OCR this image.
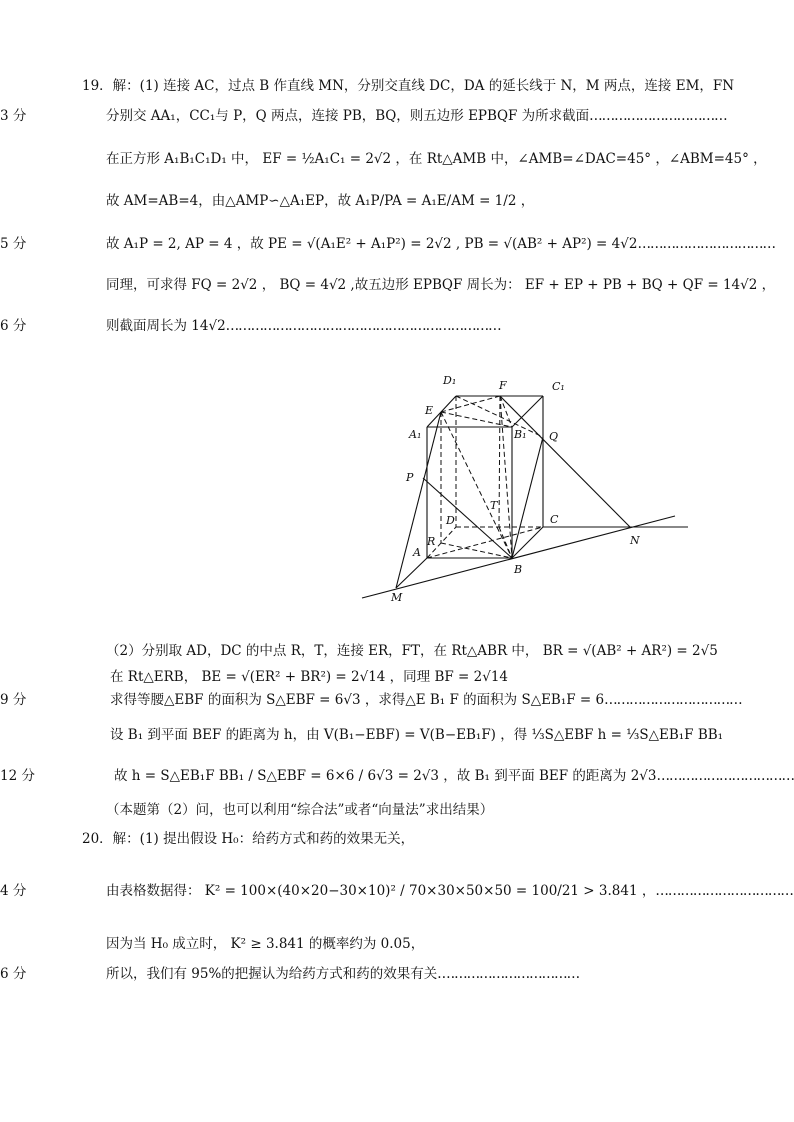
19．解：(1) 连接 AC，过点 B 作直线 MN，分别交直线 DC，DA 的延长线于 N，M 两点，连接 EM，FN
分别交 AA₁，CC₁与 P，Q 两点，连接 PB，BQ，则五边形 EPBQF 为所求截面……………………………
3 分
在正方形 A₁B₁C₁D₁ 中， EF = ½A₁C₁ = 2√2 ，在 Rt△AMB 中，∠AMB=∠DAC=45° ，∠ABM=45° ，
故 AM=AB=4，由△AMP∽△A₁EP，故 A₁P/PA = A₁E/AM = 1/2 ，
故 A₁P = 2, AP = 4 ，故 PE = √(A₁E² + A₁P²) = 2√2 , PB = √(AB² + AP²) = 4√2……………………………
5 分
同理，可求得 FQ = 2√2 ， BQ = 4√2 ,故五边形 EPBQF 周长为： EF + EP + PB + BQ + QF = 14√2 ，
则截面周长为 14√2…………………………………………………………
6 分
D₁	F	C₁
E
A₁	B₁ Q
P
T
D	C
N
R
A
B
M
（2）分别取 AD，DC 的中点 R，T，连接 ER，FT，在 Rt△ABR 中， BR = √(AB² + AR²) = 2√5
在 Rt△ERB， BE = √(ER² + BR²) = 2√14 ，同理 BF = 2√14
求得等腰△EBF 的面积为 S△EBF = 6√3 ，求得△E B₁ F 的面积为 S△EB₁F = 6……………………………
9 分
设 B₁ 到平面 BEF 的距离为 h，由 V(B₁−EBF) = V(B−EB₁F) ，得 ⅓S△EBF h = ⅓S△EB₁F BB₁
故 h = S△EB₁F BB₁ / S△EBF = 6×6 / 6√3 = 2√3 ，故 B₁ 到平面 BEF 的距离为 2√3……………………………
12 分
（本题第（2）问，也可以利用“综合法”或者“向量法”求出结果）
20．解：(1) 提出假设 H₀：给药方式和药的效果无关，
由表格数据得： K² = 100×(40×20−30×10)² / 70×30×50×50 = 100/21 > 3.841 ，……………………………
4 分
因为当 H₀ 成立时， K² ≥ 3.841 的概率约为 0.05，
所以，我们有 95%的把握认为给药方式和药的效果有关.……………………………
6 分
